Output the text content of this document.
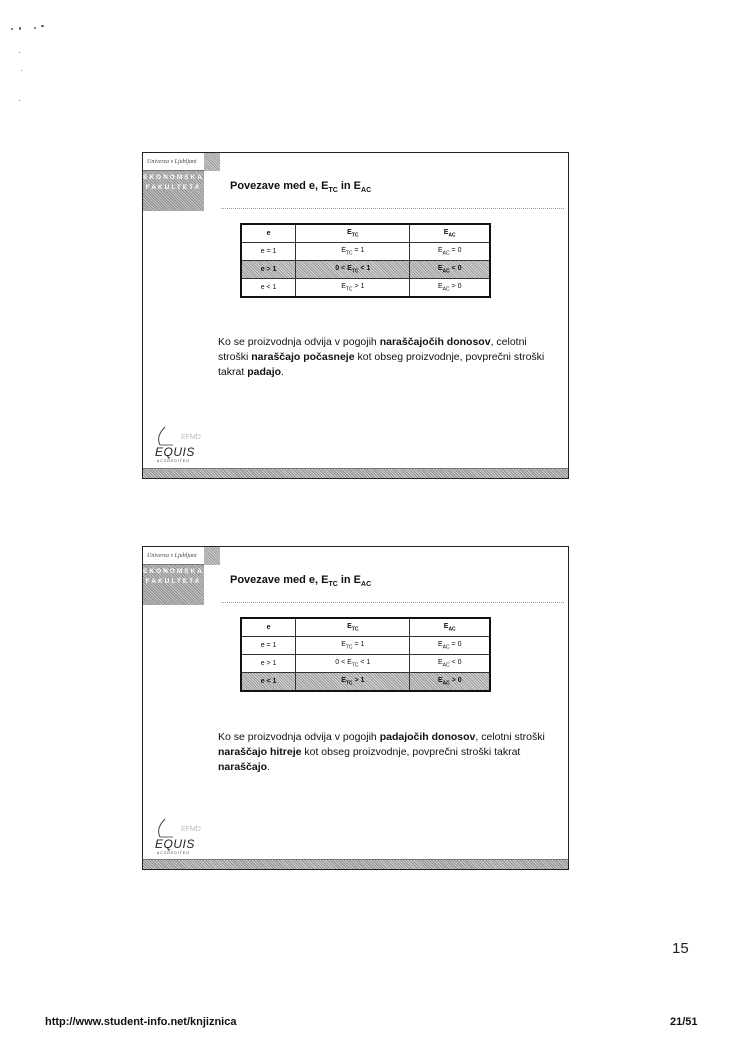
Univerza v Ljubljani
EKONOMSKA FAKULTETA	Povezave med e, $E_{TC}$ in $E_{AC}$
e	$E_{TC}$	$E_{AC}$
e = 1	$E_{TC} = 1$	$E_{AC} = 0$
e > 1	$0 < E_{TC} < 1$	$E_{AC} < 0$
e < 1	$E_{TC} > 1$	$E_{AC} > 0$
Ko se proizvodnja odvija v pogojih naraščajočih donosov, celotni stroški naraščajo počasneje kot obseg proizvodnje, povprečni stroški takrat padajo.
EFMD
EQUIS
ACCREDITED
Univerza v Ljubljani
EKONOMSKA FAKULTETA	Povezave med e, $E_{TC}$ in $E_{AC}$
e	$E_{TC}$	$E_{AC}$
e = 1	$E_{TC} = 1$	$E_{AC} = 0$
e > 1	$0 < E_{TC} < 1$	$E_{AC} < 0$
e < 1	$E_{TC} > 1$	$E_{AC} > 0$
Ko se proizvodnja odvija v pogojih padajočih donosov, celotni stroški naraščajo hitreje kot obseg proizvodnje, povprečni stroški takrat naraščajo.
EFMD
EQUIS
ACCREDITED
15
http://www.student-info.net/knjiznica	21/51
